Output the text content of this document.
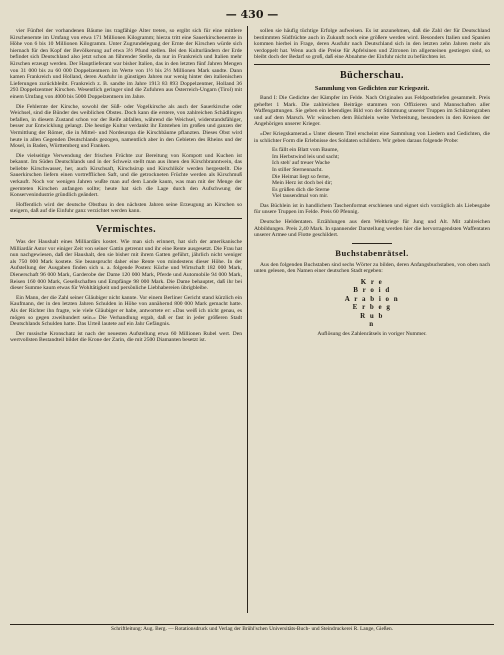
— 430 —

vier Fünftel der vorhandenen Bäume ins tragfähige Alter treten, so ergibt sich für eine mittlere Kirschenernte im Umfang von etwa 171 Millionen Kilogramm; hierzu tritt eine Sauerkirschenernte in Höhe von 6 bis 10 Millionen Kilogramm. Unter Zugrundelegung der Ernte der Kirschen würde sich hiernach für den Kopf der Bevölkerung auf etwa 3½ Pfund stellen. Bei den Kulturländern der Erde befindet sich Deutschland also jetzt schon an führender Stelle, da nur in Frankreich und Italien mehr Kirschen erzeugt werden. Der Hauptlieferant war bisher Italien, das in den letzten fünf Jahren Mengen von 31 000 bis zu 60 000 Doppelzentnern im Werte von 1½ bis 2½ Millionen Mark sandte. Dann kamen Frankreich und Holland, deren Ausfuhr in günstigen Jahren nur wenig hinter den italienischen Lieferungen zurückbleibt. Frankreich z. B. sandte im Jahre 1913 83 893 Doppelzentner, Holland 36 293 Doppelzentner Kirschen. Wesentlich geringer sind die Zufuhren aus Österreich-Ungarn (Tirol) mit einem Umfang von 4000 bis 5000 Doppelzentnern im Jahre.

Die Fehlernte der Kirsche, sowohl der Süß- oder Vogelkirsche als auch der Sauerkirsche oder Weichsel, sind die Bünder des weiblichen Obstes. Doch kann die erstere, von zahlreichen Schädlingen befallen, in diesem Zustand schon vor der Reife abfallen, während die Weichsel, widerstandsfähiger, besser zur Entwicklung gelangt. Die heutige Kultur verdankt ihr Entstehen im großen und ganzen der Vermittlung der Römer, die in Mittel- und Nordeuropa die Kirschbäume pflanzten. Dieses Obst wird heute in allen Gegenden Deutschlands gezogen, namentlich aber in den Gebieten des Rheins und der Mosel, in Baden, Württemberg und Franken.

Die vielseitige Verwendung der frischen Früchte zur Bereitung von Kompott und Kuchen ist bekannt. Im Süden Deutschlands und in der Schweiz stellt man aus ihnen den Kirschbranntwein, das beliebte Kirschwasser, her, auch Kirschsaft, Kirschsirup und Kirschlikör werden hergestellt. Die Sauerkirschen liefern einen vortrefflichen Saft, und die getrockneten Früchte werden als Kirschmuß verkauft. Noch vor wenigen Jahren wußte man auf dem Lande kaum, was man mit der Menge der geernteten Kirschen anfangen sollte; heute hat sich die Lage durch den Aufschwung der Konservenindustrie gründlich geändert.

Hoffentlich wird der deutsche Obstbau in den nächsten Jahren seine Erzeugung an Kirschen so steigern, daß auf die Einfuhr ganz verzichtet werden kann.

Vermischtes.

Was der Haushalt eines Milliardärs kostet. Wie man sich erinnert, hat sich der amerikanische Milliardär Astor vor einiger Zeit von seiner Gattin getrennt und ihr eine Rente ausgesetzt. Die Frau hat nun nachgewiesen, daß der Haushalt, den sie bisher mit ihrem Gatten geführt, jährlich nicht weniger als 750 000 Mark kostete. Sie beansprucht daher eine Rente von mindestens dieser Höhe. In der Aufstellung der Ausgaben finden sich u. a. folgende Posten: Küche und Wirtschaft 182 000 Mark, Dienerschaft 96 000 Mark, Garderobe der Dame 120 000 Mark, Pferde und Automobile 94 000 Mark, Reisen 160 000 Mark, Gesellschaften und Empfänge 98 000 Mark. Die Dame behauptet, daß ihr bei dieser Summe kaum etwas für Wohltätigkeit und persönliche Liebhabereien übrigbleibe.

Ein Mann, der die Zahl seiner Gläubiger nicht kannte. Vor einem Berliner Gericht stand kürzlich ein Kaufmann, der in den letzten Jahren Schulden in Höhe von annähernd 800 000 Mark gemacht hatte. Als der Richter ihn fragte, wie viele Gläubiger er habe, antwortete er: »Das weiß ich nicht genau, es mögen so gegen zweihundert sein.« Die Verhandlung ergab, daß er fast in jeder größeren Stadt Deutschlands Schulden hatte. Das Urteil lautete auf ein Jahr Gefängnis.

Der russische Kronschatz ist nach der neuesten Aufstellung etwa 60 Millionen Rubel wert. Den wertvollsten Bestandteil bildet die Krone der Zarin, die mit 2500 Diamanten besetzt ist.

sollen sie häufig tüchtige Erfolge aufweisen. Es ist anzunehmen, daß die Zahl der für Deutschland bestimmten Südfrüchte auch in Zukunft noch eine größere werden wird. Besonders Italien und Spanien kommen hierbei in Frage, deren Ausfuhr nach Deutschland sich in den letzten zehn Jahren mehr als verdoppelt hat. Wenn auch die Preise für Apfelsinen und Zitronen im allgemeinen gestiegen sind, so bleibt doch der Bedarf so groß, daß eine Abnahme der Einfuhr nicht zu befürchten ist.

Bücherschau.
Sammlung von Gedichten zur Kriegszeit.

Band I: Die Gedichte der Kämpfer im Felde. Nach Originalen aus Feldpostbriefen gesammelt. Preis geheftet 1 Mark. Die zahlreichen Beiträge stammen von Offizieren und Mannschaften aller Waffengattungen. Sie geben ein lebendiges Bild von der Stimmung unserer Truppen im Schützengraben und auf dem Marsch. Wir wünschen dem Büchlein weite Verbreitung, besonders in den Kreisen der Angehörigen unserer Krieger.

»Der Kriegskamerad.« Unter diesem Titel erscheint eine Sammlung von Liedern und Gedichten, die in schlichter Form die Erlebnisse des Soldaten schildern. Wir geben daraus folgende Probe:

Es fällt ein Blatt vom Baume,
Im Herbstwind leis und sacht;
Ich steh' auf treuer Wache
In stiller Sternennacht.
Die Heimat liegt so ferne,
Mein Herz ist doch bei dir;
Es grüßen dich die Sterne
Viel tausendmal von mir.

Das Büchlein ist in handlichem Taschenformat erschienen und eignet sich vorzüglich als Liebesgabe für unsere Truppen im Felde. Preis 60 Pfennig.

Deutsche Heldentaten. Erzählungen aus dem Weltkriege für Jung und Alt. Mit zahlreichen Abbildungen. Preis 2,40 Mark. In spannender Darstellung werden hier die hervorragendsten Waffentaten unserer Armee und Flotte geschildert.

Buchstabenrätsel.

Aus den folgenden Buchstaben sind sechs Wörter zu bilden, deren Anfangsbuchstaben, von oben nach unten gelesen, den Namen einer deutschen Stadt ergeben:

K r e
B r o i d
A r a b i o n
E r b e g
R u b
n

Auflösung des Zahlenrätsels in voriger Nummer.

Schriftleitung: Aug. Berg. — Rotationsdruck und Verlag der Brühl'schen Universitäts-Buch- und Steindruckerei R. Lange, Gießen.
